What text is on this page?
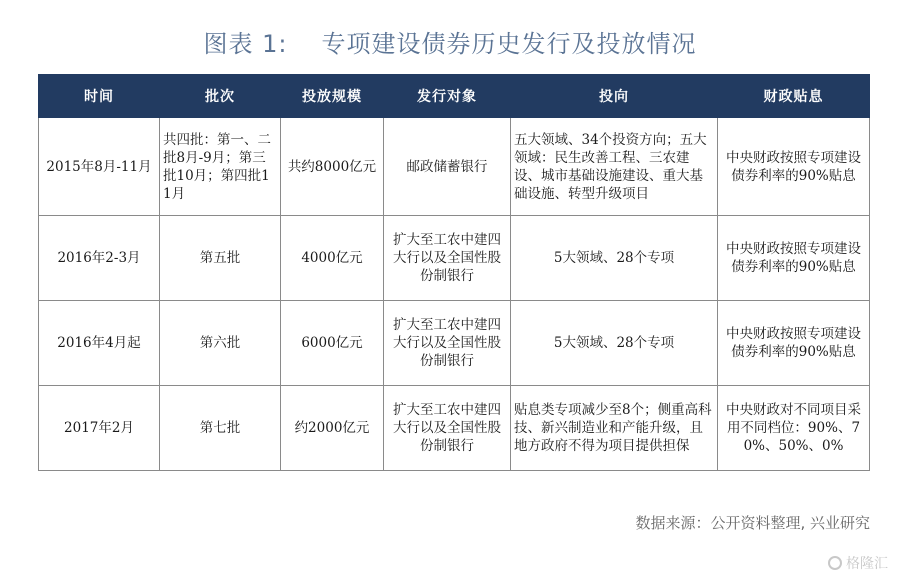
图表 1: 专项建设债券历史发行及投放情况
时间	批次	投放规模	发行对象	投向	财政贴息
2015年8月-11月	共四批：第一、二批8月-9月；第三批10月；第四批11月	共约8000亿元	邮政储蓄银行	五大领域、34个投资方向；五大领域：民生改善工程、三农建设、城市基础设施建设、重大基础设施、转型升级项目	中央财政按照专项建设债券利率的90%贴息
2016年2-3月	第五批	4000亿元	扩大至工农中建四大行以及全国性股份制银行	5大领域、28个专项	中央财政按照专项建设债券利率的90%贴息
2016年4月起	第六批	6000亿元	扩大至工农中建四大行以及全国性股份制银行	5大领域、28个专项	中央财政按照专项建设债券利率的90%贴息
2017年2月	第七批	约2000亿元	扩大至工农中建四大行以及全国性股份制银行	贴息类专项减少至8个；侧重高科技、新兴制造业和产能升级，且地方政府不得为项目提供担保	中央财政对不同项目采用不同档位：90%、70%、50%、0%
数据来源：公开资料整理, 兴业研究
格隆汇
